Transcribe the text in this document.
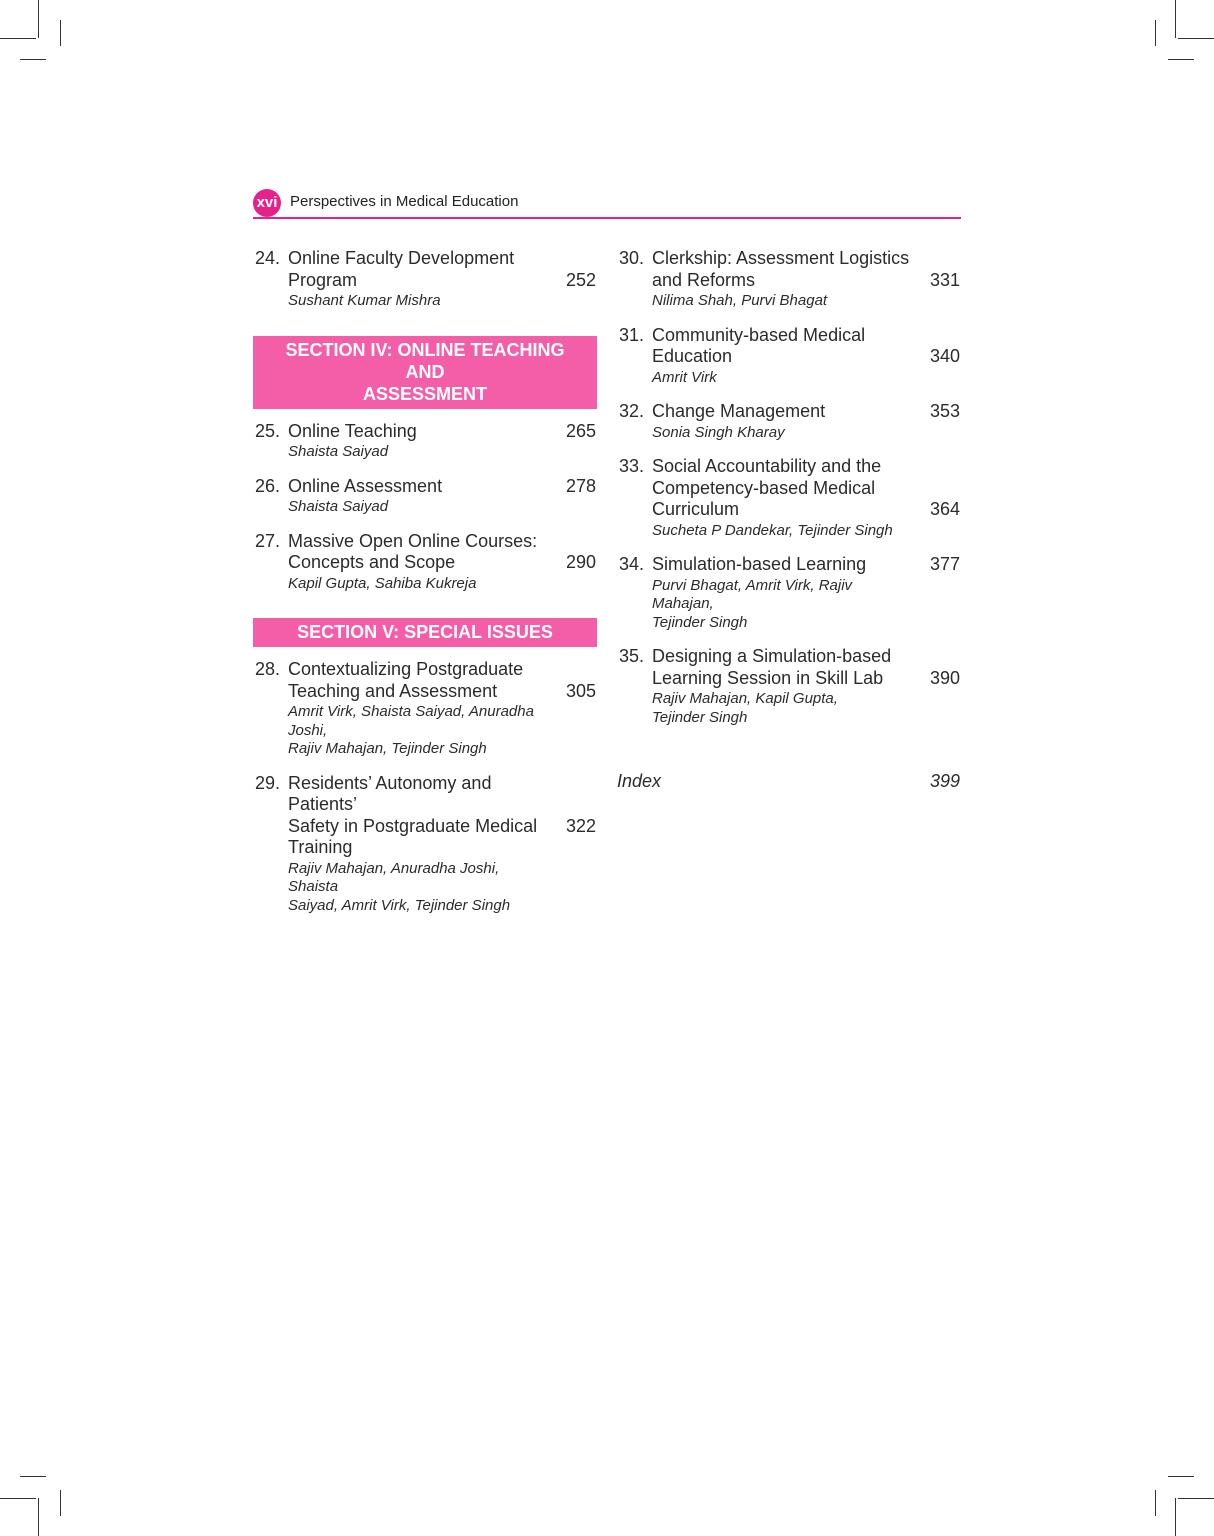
xvi Perspectives in Medical Education
24. Online Faculty Development
Program
Sushant Kumar Mishra
252
SECTION IV: ONLINE TEACHING AND
ASSESSMENT
25. Online Teaching
Shaista Saiyad
265
26. Online Assessment
Shaista Saiyad
278
27. Massive Open Online Courses:
Concepts and Scope
Kapil Gupta, Sahiba Kukreja
290
SECTION V: SPECIAL ISSUES
28. Contextualizing Postgraduate
Teaching and Assessment
Amrit Virk, Shaista Saiyad, Anuradha Joshi,
Rajiv Mahajan, Tejinder Singh
305
29. Residents’ Autonomy and Patients’
Safety in Postgraduate Medical
Training
Rajiv Mahajan, Anuradha Joshi, Shaista
Saiyad, Amrit Virk, Tejinder Singh
322
30. Clerkship: Assessment Logistics
and Reforms
Nilima Shah, Purvi Bhagat
331
31. Community-based Medical
Education
Amrit Virk
340
32. Change Management
Sonia Singh Kharay
353
33. Social Accountability and the
Competency-based Medical
Curriculum
Sucheta P Dandekar, Tejinder Singh
364
34. Simulation-based Learning
Purvi Bhagat, Amrit Virk, Rajiv Mahajan,
Tejinder Singh
377
35. Designing a Simulation-based
Learning Session in Skill Lab
Rajiv Mahajan, Kapil Gupta,
Tejinder Singh
390
Index	399
